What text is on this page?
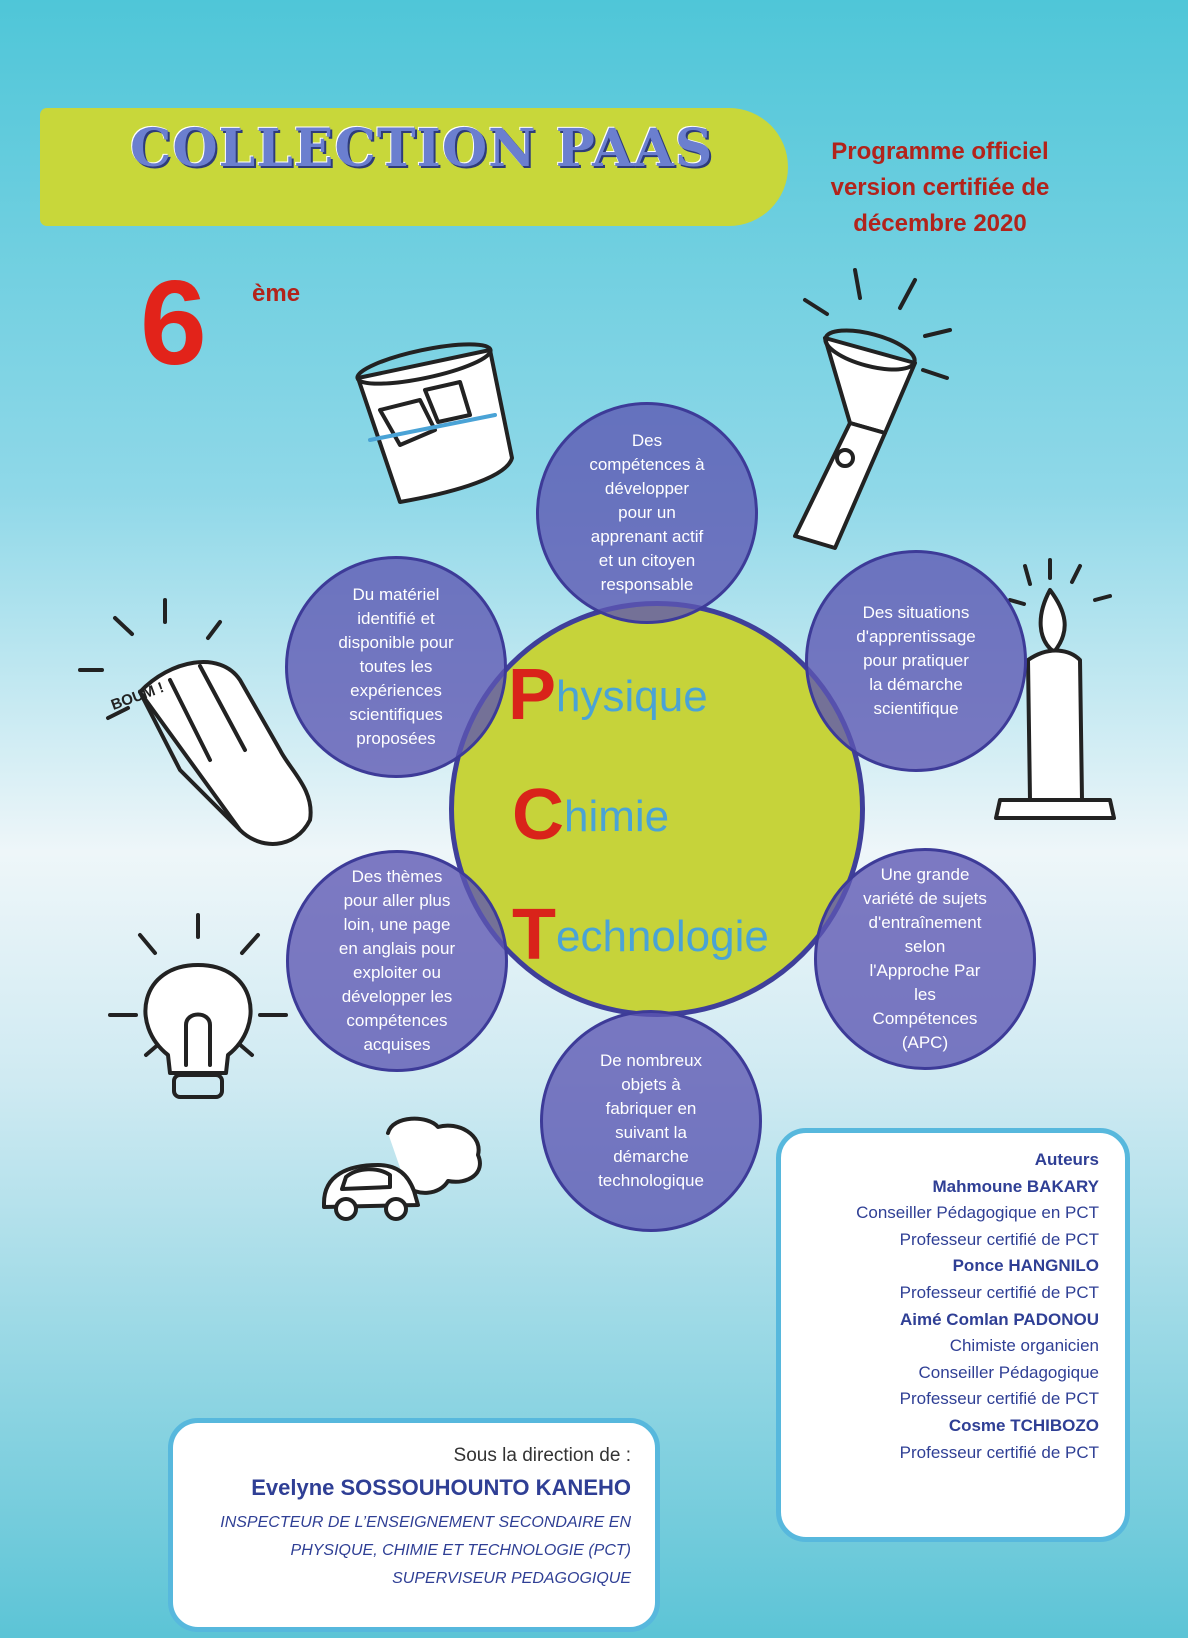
COLLECTION PAAS	Programme officiel
version certifiée de
décembre 2020
6 ème
BOUM !	Physique
Chimie
Technologie
Des
compétences à
développer
pour un
apprenant actif
et un citoyen
responsable
Des situations
d'apprentissage
pour pratiquer
la démarche
scientifique
Une grande
variété de sujets
d'entraînement
selon
l'Approche Par
les
Compétences
(APC)
De nombreux
objets à
fabriquer en
suivant la
démarche
technologique
Des thèmes
pour aller plus
loin, une page
en anglais pour
exploiter ou
développer les
compétences
acquises
Du matériel
identifié et
disponible pour
toutes les
expériences
scientifiques
proposées
Sous la direction de :
Evelyne SOSSOUHOUNTO KANEHO
INSPECTEUR DE L’ENSEIGNEMENT SECONDAIRE EN
PHYSIQUE, CHIMIE ET TECHNOLOGIE (PCT)
SUPERVISEUR PEDAGOGIQUE
Auteurs
Mahmoune BAKARY
Conseiller Pédagogique en PCT
Professeur certifié de PCT
Ponce HANGNILO
Professeur certifié de PCT
Aimé Comlan PADONOU
Chimiste organicien
Conseiller Pédagogique
Professeur certifié de PCT
Cosme TCHIBOZO
Professeur certifié de PCT
